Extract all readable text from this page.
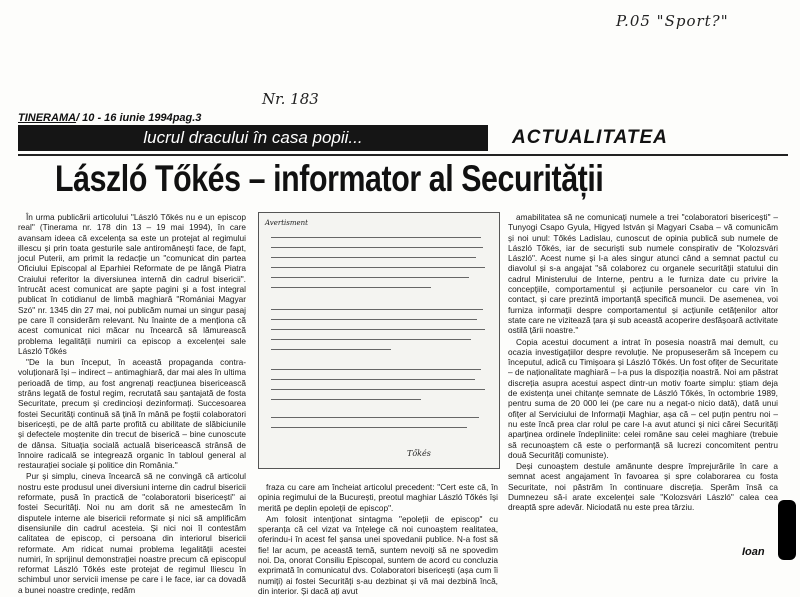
P.05 "Sport?"
Nr. 183
TINERAMA/ 10 - 16 iunie 1994pag.3
lucrul dracului în casa popii...	ACTUALITATEA
László Tőkés – informator al Securității

În urma publicării articolului "László Tőkés nu e un episcop real" (Tinerama nr. 178 din 13 – 19 mai 1994), în care avansam ideea că excelența sa este un protejat al regimului ilIescu și prin toata gesturile sale antiromânești face, de fapt, jocul Puterii, am primit la redacție un "comunicat din partea Oficiului Episcopal al Eparhiei Reformate de pe lângă Piatra Craiului referitor la diversiunea internă din cadrul bisericii". întrucât acest comunicat are șapte pagini și a fost integral publicat în cotidianul de limbă maghiară "Romániai Magyar Szó" nr. 1345 din 27 mai, noi publicăm numai un singur pasaj pe care îl considerăm relevant. Nu înainte de a menționa că acest comunicat nici măcar nu încearcă să lămurească problema legalității numirii ca episcop a excelenței sale László Tőkés

"De la bun început, în această propaganda contra-voluționară își – indirect – antimaghiară, dar mai ales în ultima perioadă de timp, au fost angrenați reacțiunea bisericească strâns legată de fostul regim, recrutată sau șantajată de fosta Securitate, precum și credincioși dezinformați. Succesoarea fostei Securități continuă să țină în mână pe foștii colaboratori bisericești, pe de altă parte profită cu abilitate de slăbiciunile și defectele moștenite din trecut de biserică – bine cunoscute de dânsa. Situația socială actuală bisericească strânsă de înnoire radicală se integrează organic în tabloul general al restaurației sociale și politice din România."

Pur și simplu, cineva încearcă să ne convingă că articolul nostru este produsul unei diversiuni interne din cadrul bisericii reformate, pusă în practică de "colaboratorii bisericești" ai fostei Securități. Noi nu am dorit să ne amestecăm în disputele interne ale bisericii reformate și nici să amplificăm disensiunile din cadrul acesteia. Și nici noi îl contestăm calitatea de episcop, ci persoana din interiorul bisericii reformate. Am ridicat numai problema legalității acestei numiri, în sprijinul demonstrației noastre precum că episcopul reformat László Tőkés este protejat de regimul Iliescu în schimbul unor servicii imense pe care i le face, iar ca dovadă a bunei noastre credințe, redăm

Avertisment
Tőkés

fraza cu care am încheiat articolul precedent: "Cert este că, în opinia regimului de la București, preotul maghiar László Tőkés își merită pe deplin epoleții de episcop".

Am folosit intenționat sintagma "epoleții de episcop" cu speranța că cel vizat va înțelege că noi cunoaștem realitatea, oferindu-i în acest fel șansa unei spovedanii publice. N-a fost să fie! Iar acum, pe această temă, suntem nevoiți să ne spovedim noi. Da, onorat Consiliu Episcopal, suntem de acord cu concluzia exprimată în comunicatul dvs. Colaboratori bisericești (așa cum îi numiți) ai fostei Securități s-au dezbinat și vă mai dezbină încă, din interior. Și dacă ați avut

amabilitatea să ne comunicați numele a trei "colaboratori bisericești" – Tunyogi Csapo Gyula, Higyed István și Magyari Csaba – vă comunicăm și noi unul: Tőkés Ladislau, cunoscut de opinia publică sub numele de László Tőkés, iar de securiști sub numele conspirativ de "Kolozsvári László". Acest nume și l-a ales singur atunci când a semnat pactul cu diavolul și s-a angajat "să colaborez cu organele securității statului din cadrul Ministerului de Interne, pentru a le furniza date cu privire la concepțiile, comportamentul și acțiunile persoanelor cu care vin în contact, și care prezintă importanță specifică muncii. De asemenea, voi furniza informații despre comportamentul și acțiunile cetățenilor altor state care ne vizitează țara și sub această acoperire desfășoară activitate ostilă țării noastre."

Copia acestui document a intrat în posesia noastră mai demult, cu ocazia investigațiilor despre revoluție. Ne propuseserăm să începem cu începutul, adică cu Timișoara și László Tőkés. Un fost ofițer de Securitate – de naționalitate maghiară – l-a pus la dispoziția noastră. Noi am păstrat discreția asupra acestui aspect dintr-un motiv foarte simplu: știam deja de existența unei chitanțe semnate de László Tőkés, în octombrie 1989, pentru suma de 20 000 lei (pe care nu a negat-o nicio dată), dată unui ofițer al Serviciului de Informații Maghiar, așa că – cel puțin pentru noi – nu este încă prea clar rolul pe care l-a avut atunci și nici cărei Securități aparținea ordinele îndepliniite: celei române sau celei maghiare (trebuie să recunoaștem că este o performanță să lucrezi concomitent pentru două Securități comuniste).

Deși cunoaștem destule amănunte despre împrejurările în care a semnat acest angajament în favoarea și spre colaborarea cu fosta Securitate, noi păstrăm în continuare discreția. Sperăm însă ca Dumnezeu să-i arate excelenței sale "Kolozsvári László" calea cea dreaptă spre adevăr. Niciodată nu este prea târziu.

Ioan
